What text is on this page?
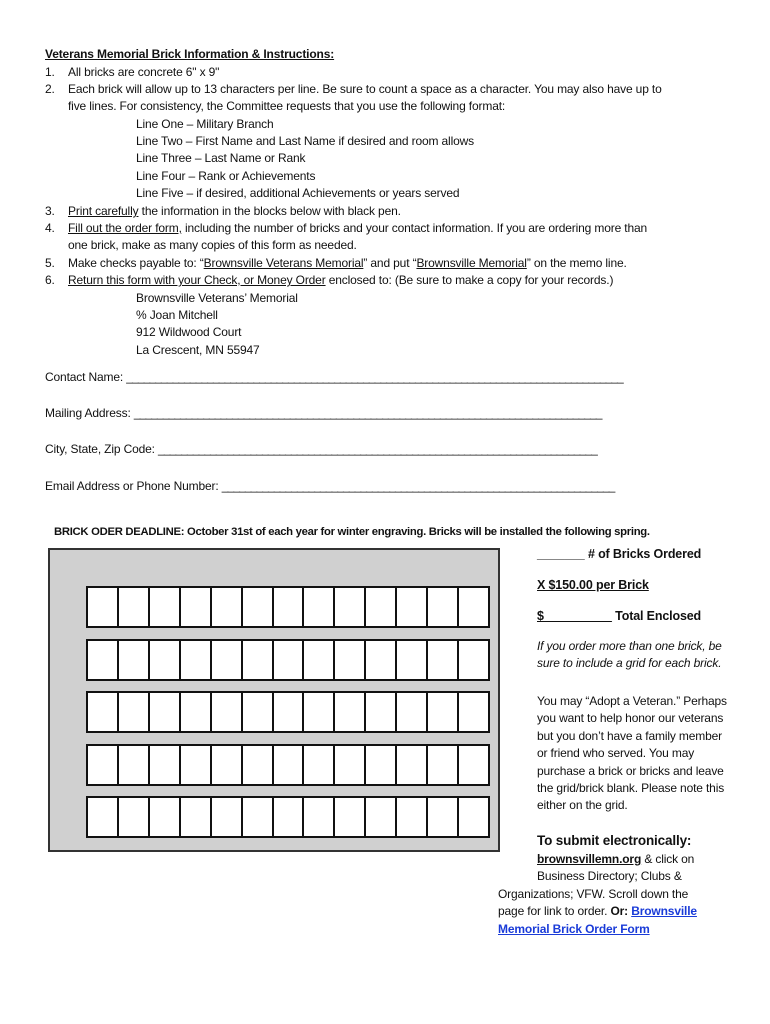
Veterans Memorial Brick Information & Instructions:
1. All bricks are concrete 6" x 9"
2. Each brick will allow up to 13 characters per line. Be sure to count a space as a character. You may also have up to
five lines. For consistency, the Committee requests that you use the following format:
Line One – Military Branch
Line Two – First Name and Last Name if desired and room allows
Line Three – Last Name or Rank
Line Four – Rank or Achievements
Line Five – if desired, additional Achievements or years served
3. Print carefully the information in the blocks below with black pen.
4. Fill out the order form, including the number of bricks and your contact information. If you are ordering more than
one brick, make as many copies of this form as needed.
5. Make checks payable to: “Brownsville Veterans Memorial” and put “Brownsville Memorial” on the memo line.
6. Return this form with your Check, or Money Order enclosed to: (Be sure to make a copy for your records.)
Brownsville Veterans’ Memorial
% Joan Mitchell
912 Wildwood Court
La Crescent, MN 55947
Contact Name: ______________________________________________________________________________________
Mailing Address: _________________________________________________________________________________
City, State, Zip Code: ____________________________________________________________________________
Email Address or Phone Number: ____________________________________________________________________
BRICK ODER DEADLINE: October 31st of each year for winter engraving. Bricks will be installed the following spring.
_______ # of Bricks Ordered
X $150.00 per Brick
$__________ Total Enclosed
If you order more than one brick, be sure to include a grid for each brick.
You may “Adopt a Veteran.” Perhaps you want to help honor our veterans but you don’t have a family member or friend who served. You may purchase a brick or bricks and leave the grid/brick blank. Please note this either on the grid.
To submit electronically:
brownsvillemn.org & click on
Business Directory; Clubs &
Organizations; VFW. Scroll down the
page for link to order. Or: Brownsville
Memorial Brick Order Form
